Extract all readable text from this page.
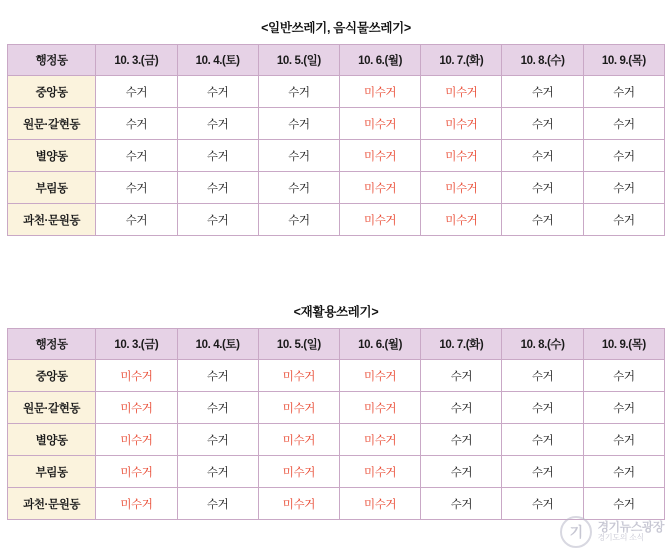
<일반쓰레기, 음식물쓰레기>
행정동	10. 3.(금)	10. 4.(토)	10. 5.(일)	10. 6.(월)	10. 7.(화)	10. 8.(수)	10. 9.(목)
중앙동	수거	수거	수거	미수거	미수거	수거	수거
원문·갈현동	수거	수거	수거	미수거	미수거	수거	수거
별양동	수거	수거	수거	미수거	미수거	수거	수거
부림동	수거	수거	수거	미수거	미수거	수거	수거
과천·문원동	수거	수거	수거	미수거	미수거	수거	수거
<재활용쓰레기>
행정동	10. 3.(금)	10. 4.(토)	10. 5.(일)	10. 6.(월)	10. 7.(화)	10. 8.(수)	10. 9.(목)
중앙동	미수거	수거	미수거	미수거	수거	수거	수거
원문·갈현동	미수거	수거	미수거	미수거	수거	수거	수거
별양동	미수거	수거	미수거	미수거	수거	수거	수거
부림동	미수거	수거	미수거	미수거	수거	수거	수거
과천·문원동	미수거	수거	미수거	미수거	수거	수거	수거
기	경기뉴스광장
경기도의 소식
